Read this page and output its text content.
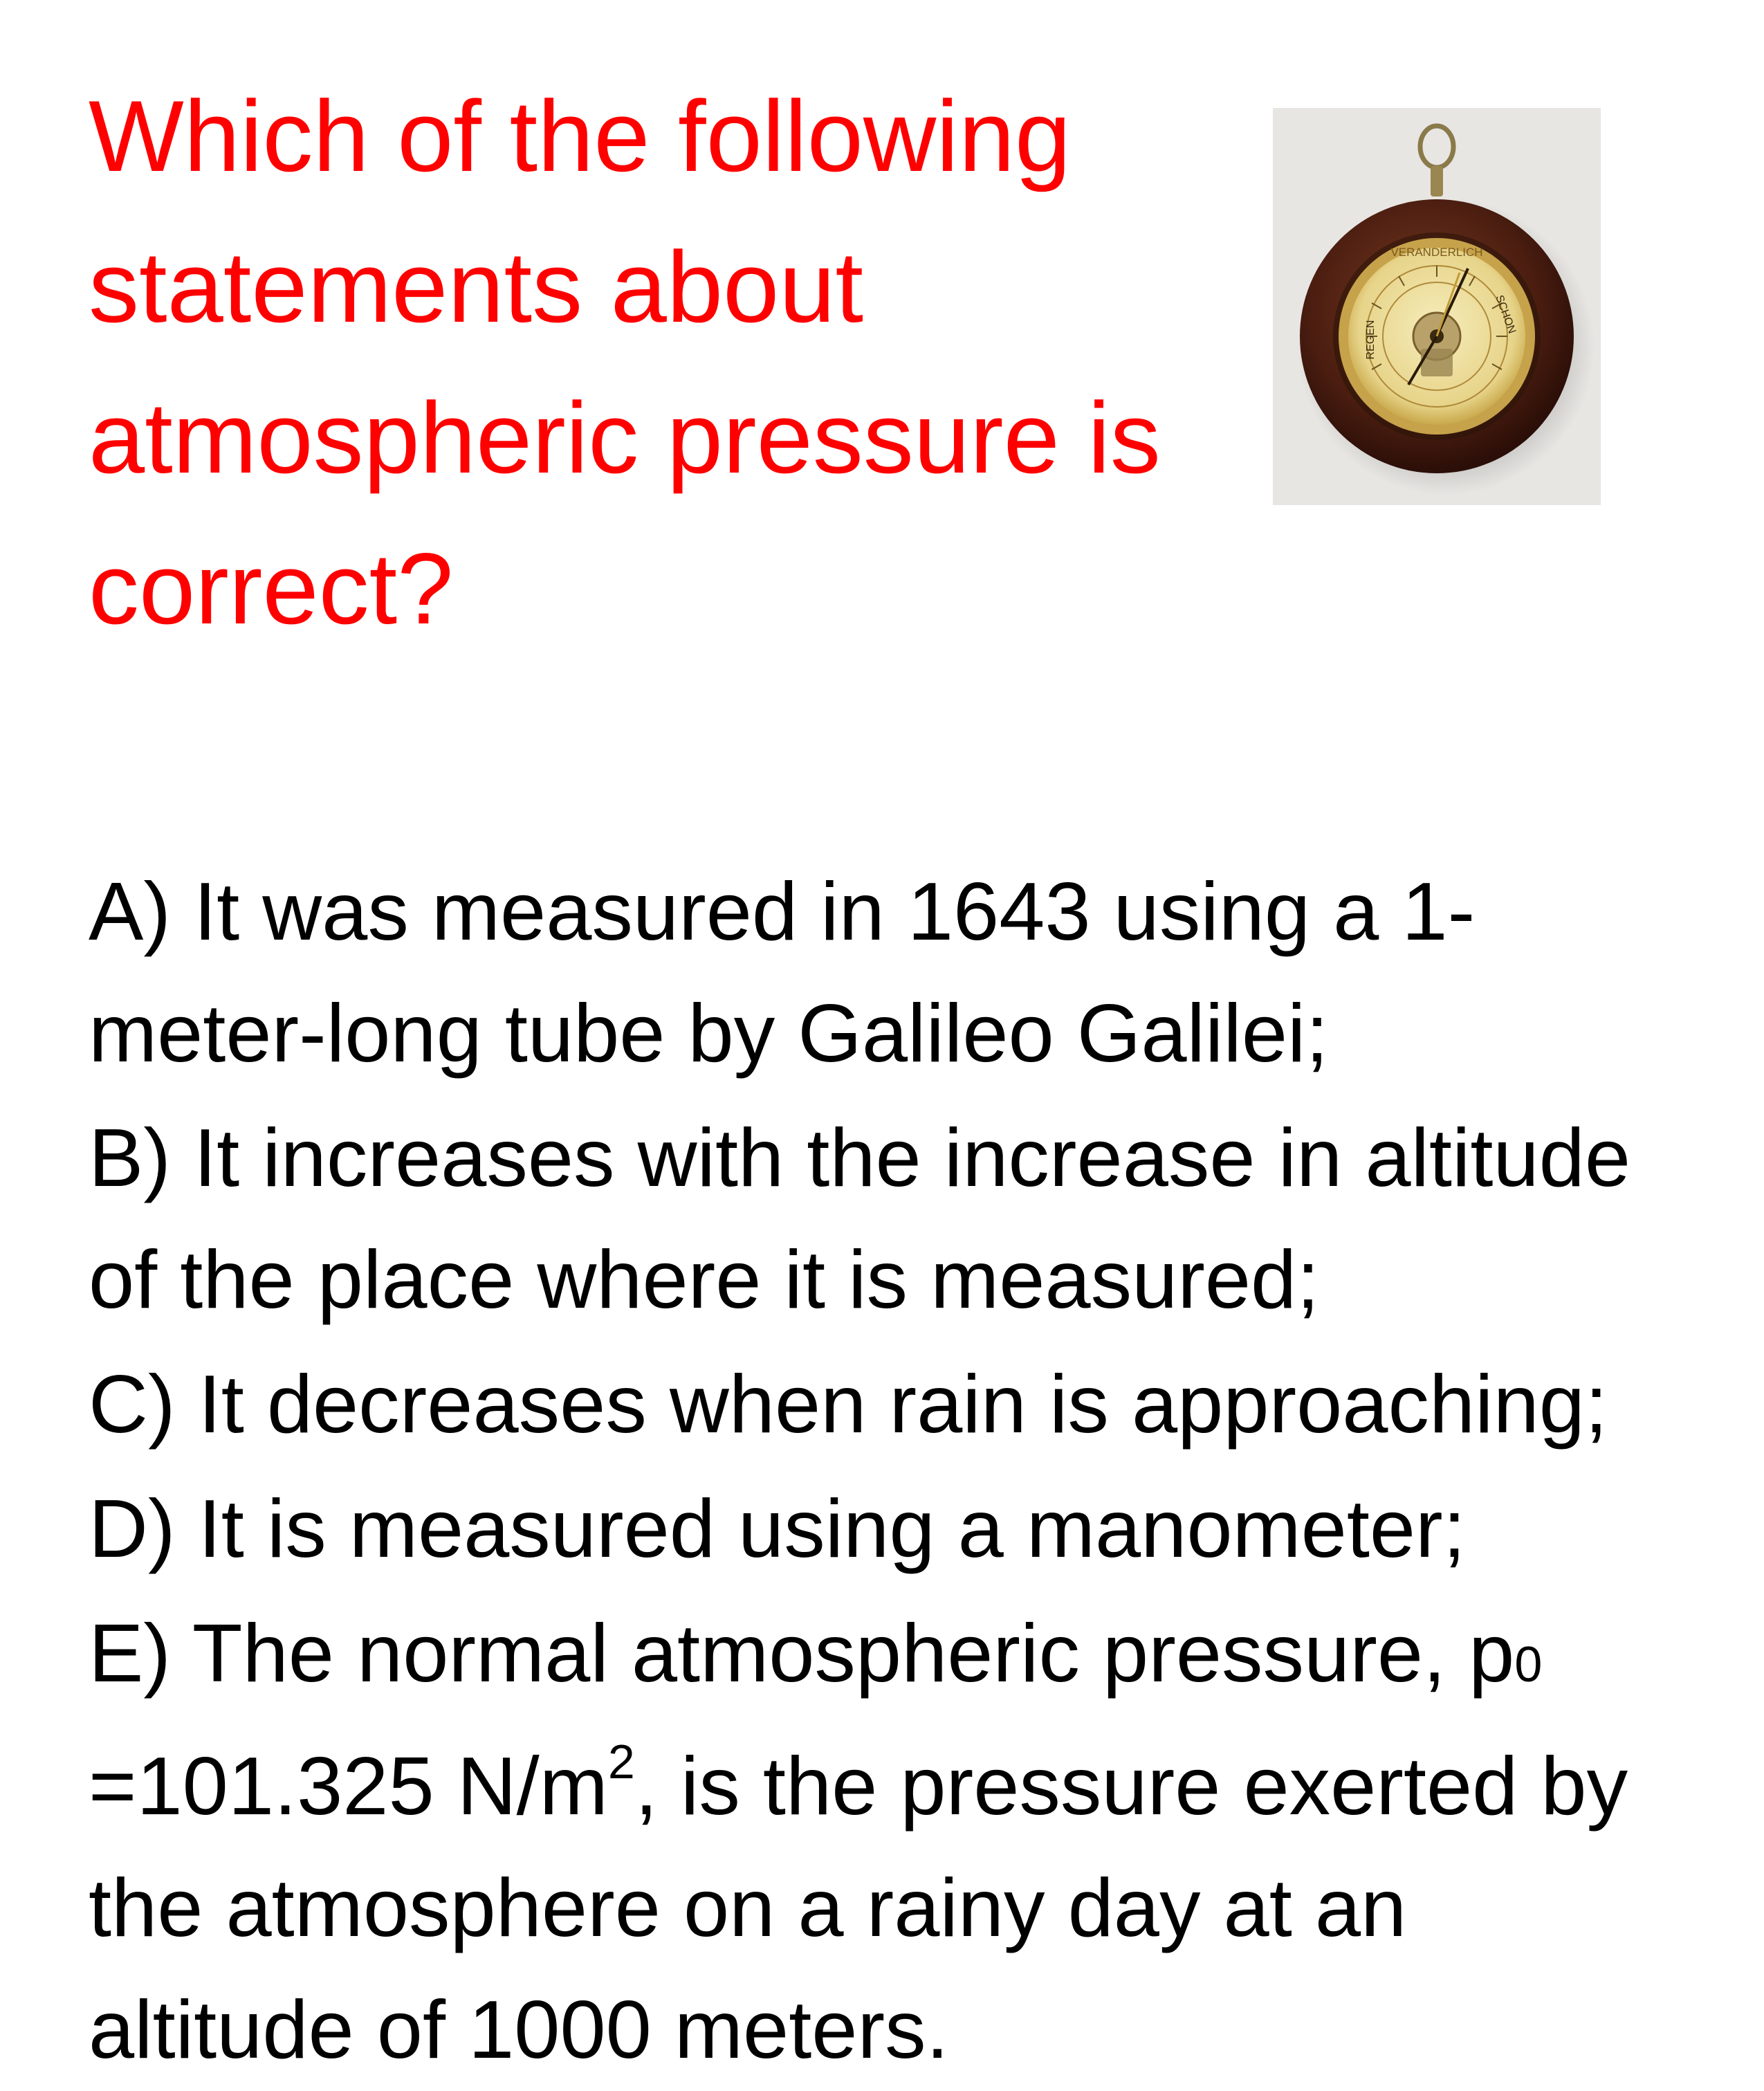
Which of the following
statements about
atmospheric pressure is
correct?
VERANDERLICH
REGEN
SCHON

A) It was measured in 1643 using a 1-meter-long tube by Galileo Galilei;

B) It increases with the increase in altitude of the place where it is measured;

C) It decreases when rain is approaching;

D) It is measured using a manometer;

E) The normal atmospheric pressure, p0 =101.325 $N/m^2$, is the pressure exerted by the atmosphere on a rainy day at an altitude of 1000 meters.
